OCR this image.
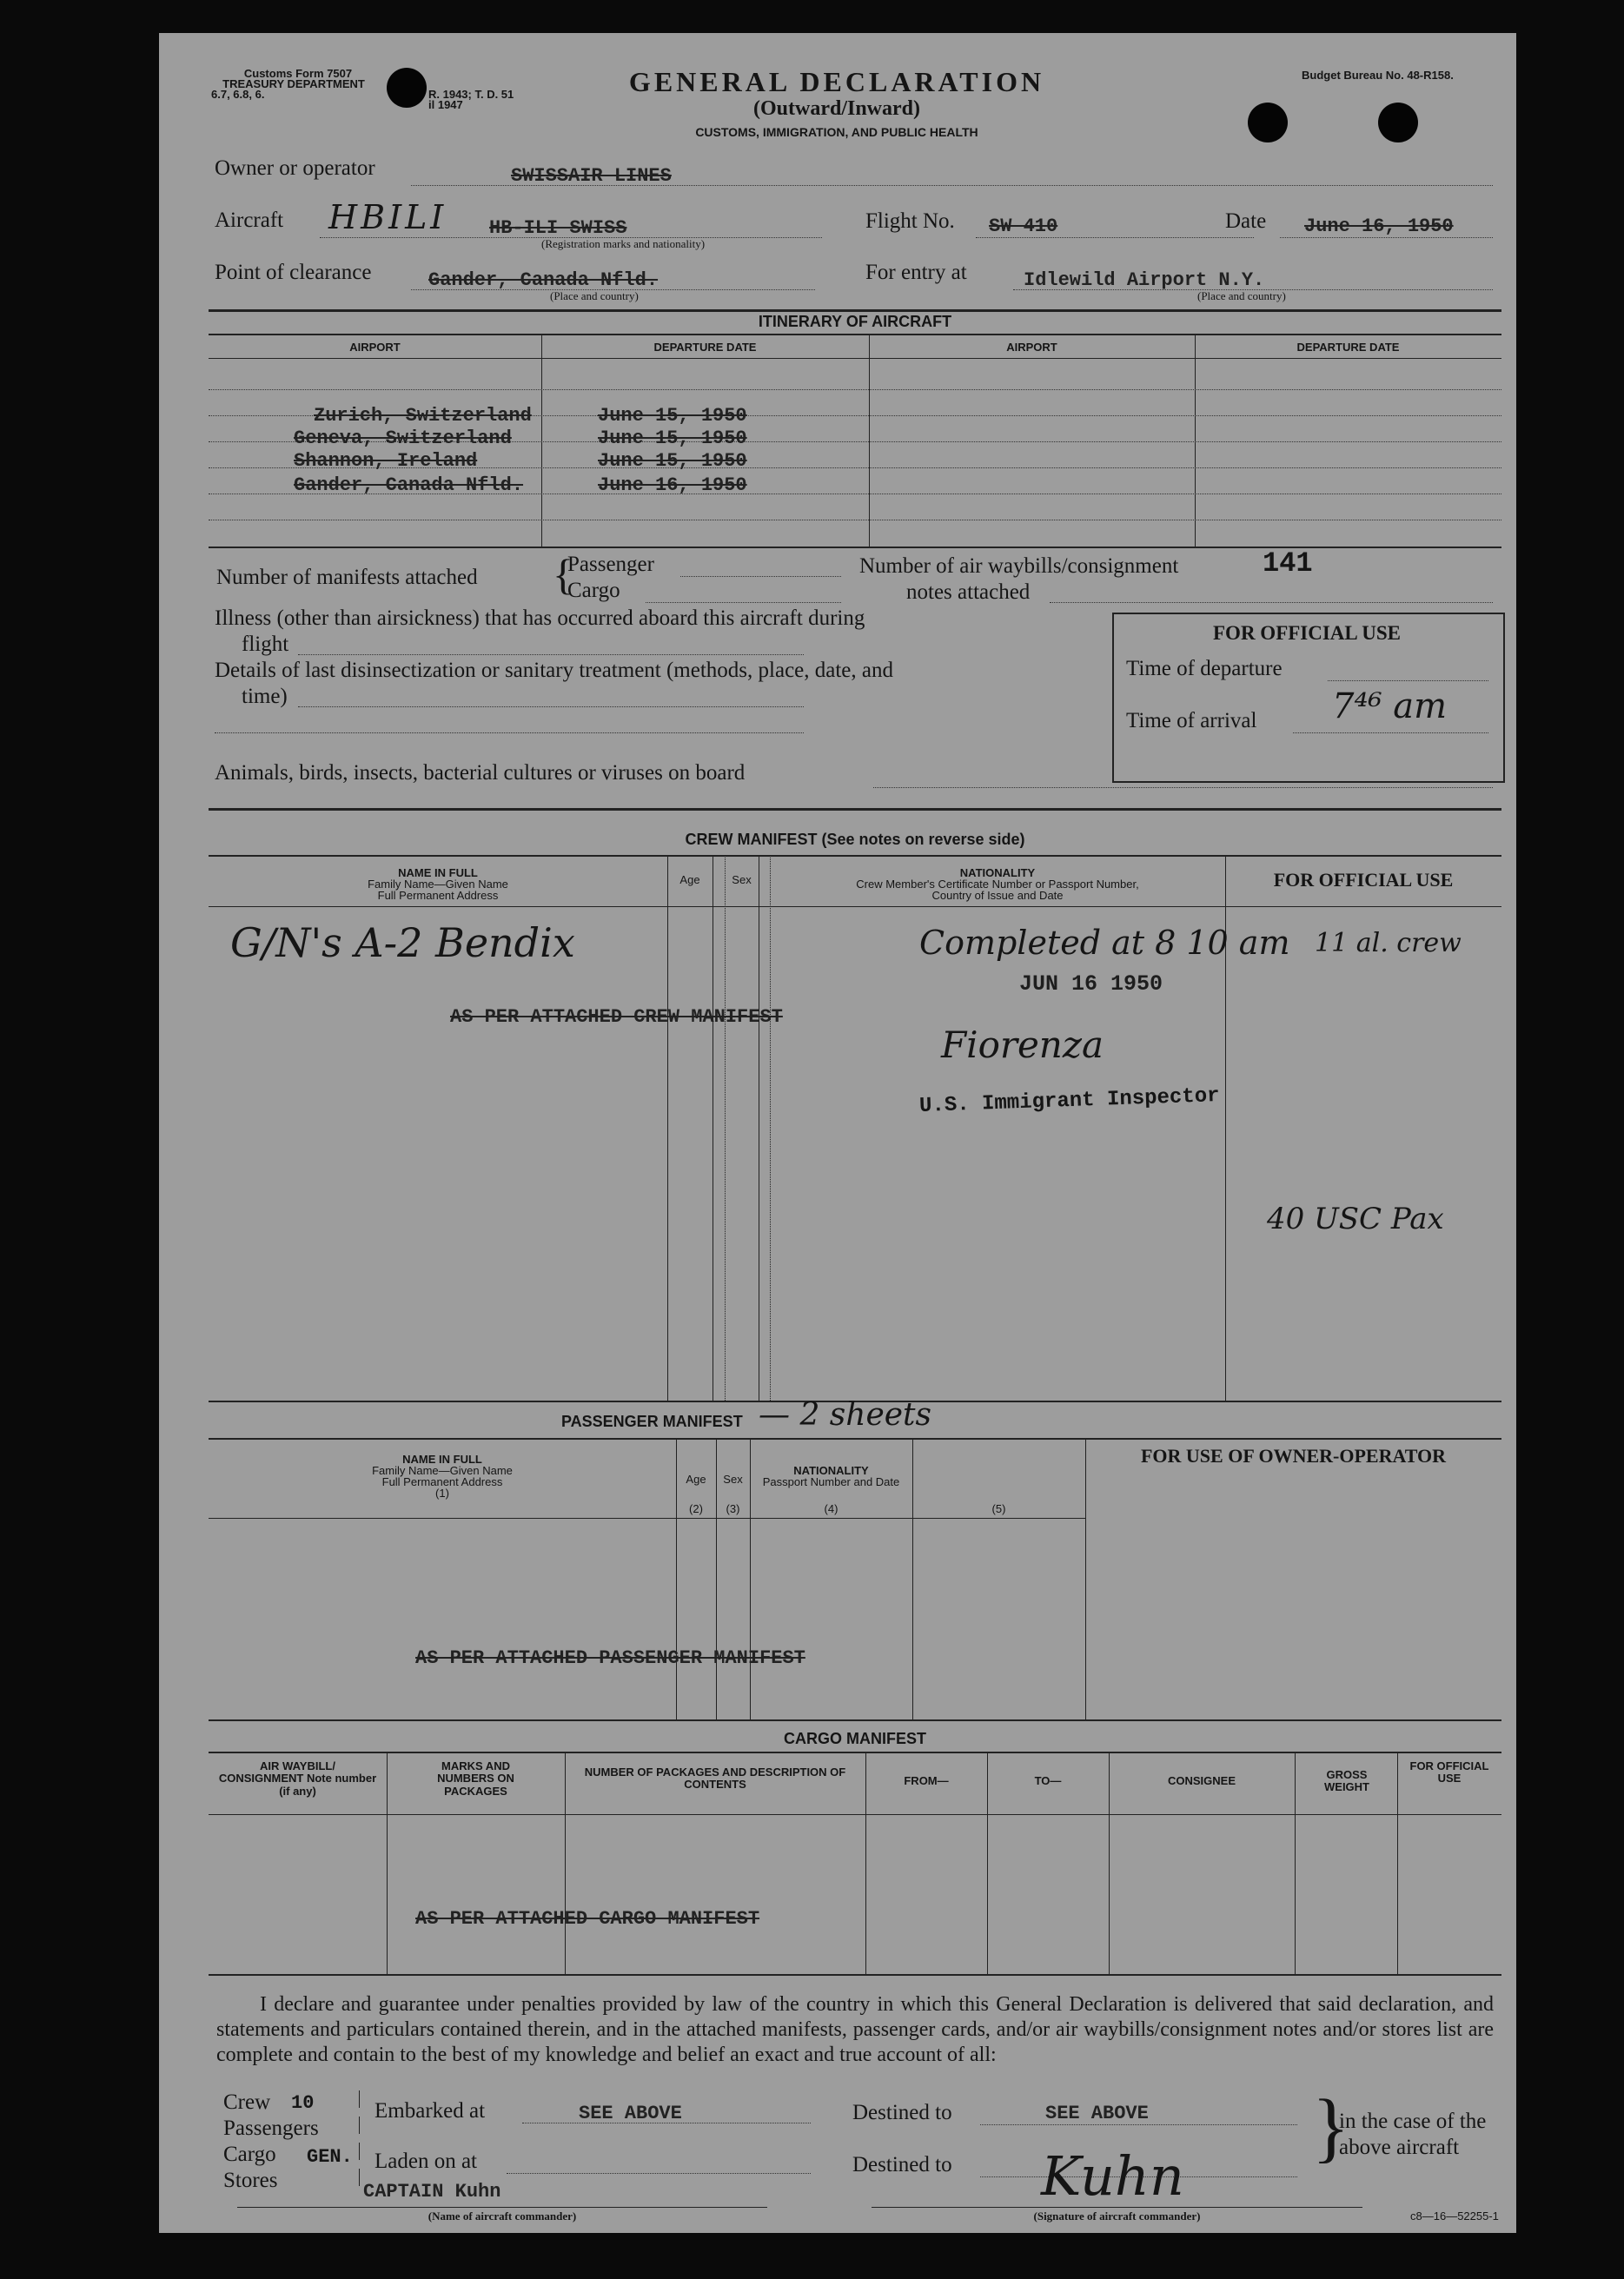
Customs Form 7507
TREASURY DEPARTMENT
6.7, 6.8, 6.	R. 1943; T. D. 51
il 1947
GENERAL DECLARATION
(Outward/Inward)
CUSTOMS, IMMIGRATION, AND PUBLIC HEALTH
Budget Bureau No. 48-R158.
Owner or operator	SWISSAIR LINES
Aircraft HBILI HB-ILI SWISS
(Registration marks and nationality)
Flight No. SW 410	Date June 16, 1950
Point of clearance	Gander, Canada Nfld.
(Place and country)
For entry at	Idlewild Airport N.Y.
(Place and country)
ITINERARY OF AIRCRAFT
AIRPORT	DEPARTURE DATE	AIRPORT	DEPARTURE DATE
Zurich, Switzerland	June 15, 1950
Geneva, Switzerland	June 15, 1950
Shannon, Ireland	June 15, 1950
Gander, Canada Nfld.	June 16, 1950
Number of manifests attached {
Passenger
Cargo
Number of air waybills/consignment
notes attached
141
Illness (other than airsickness) that has occurred aboard this aircraft during
flight
Details of last disinsectization or sanitary treatment (methods, place, date, and
time)
Animals, birds, insects, bacterial cultures or viruses on board
FOR OFFICIAL USE
Time of departure
Time of arrival 7⁴⁶ am
CREW MANIFEST (See notes on reverse side)
NAME IN FULL
Family Name—Given Name
Full Permanent Address
Age	Sex
NATIONALITY
Crew Member's Certificate Number or Passport Number,
Country of Issue and Date
FOR OFFICIAL USE
G/N's A-2 Bendix
AS PER ATTACHED CREW MANIFEST
Completed at 8 10 am 11 al. crew
JUN 16 1950
Fiorenza
U.S. Immigrant Inspector
40 USC Pax
PASSENGER MANIFEST — 2 sheets
NAME IN FULL
Family Name—Given Name
Full Permanent Address
(1)
Age
(2)
Sex
(3)
NATIONALITY
Passport Number and Date
(4)	(5)
FOR USE OF OWNER-OPERATOR
AS PER ATTACHED PASSENGER MANIFEST
CARGO MANIFEST
AIR WAYBILL/ CONSIGNMENT Note number (if any)
MARKS AND NUMBERS ON PACKAGES
NUMBER OF PACKAGES AND DESCRIPTION OF CONTENTS	FROM—	TO—	CONSIGNEE	GROSS WEIGHT
FOR OFFICIAL USE
AS PER ATTACHED CARGO MANIFEST
I declare and guarantee under penalties provided by law of the country in which this General Declaration is delivered that said declaration, and statements and particulars contained therein, and in the attached manifests, passenger cards, and/or air waybills/consignment notes and/or stores list are complete and contain to the best of my knowledge and belief an exact and true account of all:
Crew 10
Passengers
Cargo GEN.
Stores
Embarked at	SEE ABOVE
Laden on at
Destined to	SEE ABOVE
Destined to	}
in the case of the
above aircraft
CAPTAIN Kuhn
(Name of aircraft commander)
Kuhn
(Signature of aircraft commander)	c8—16—52255-1
